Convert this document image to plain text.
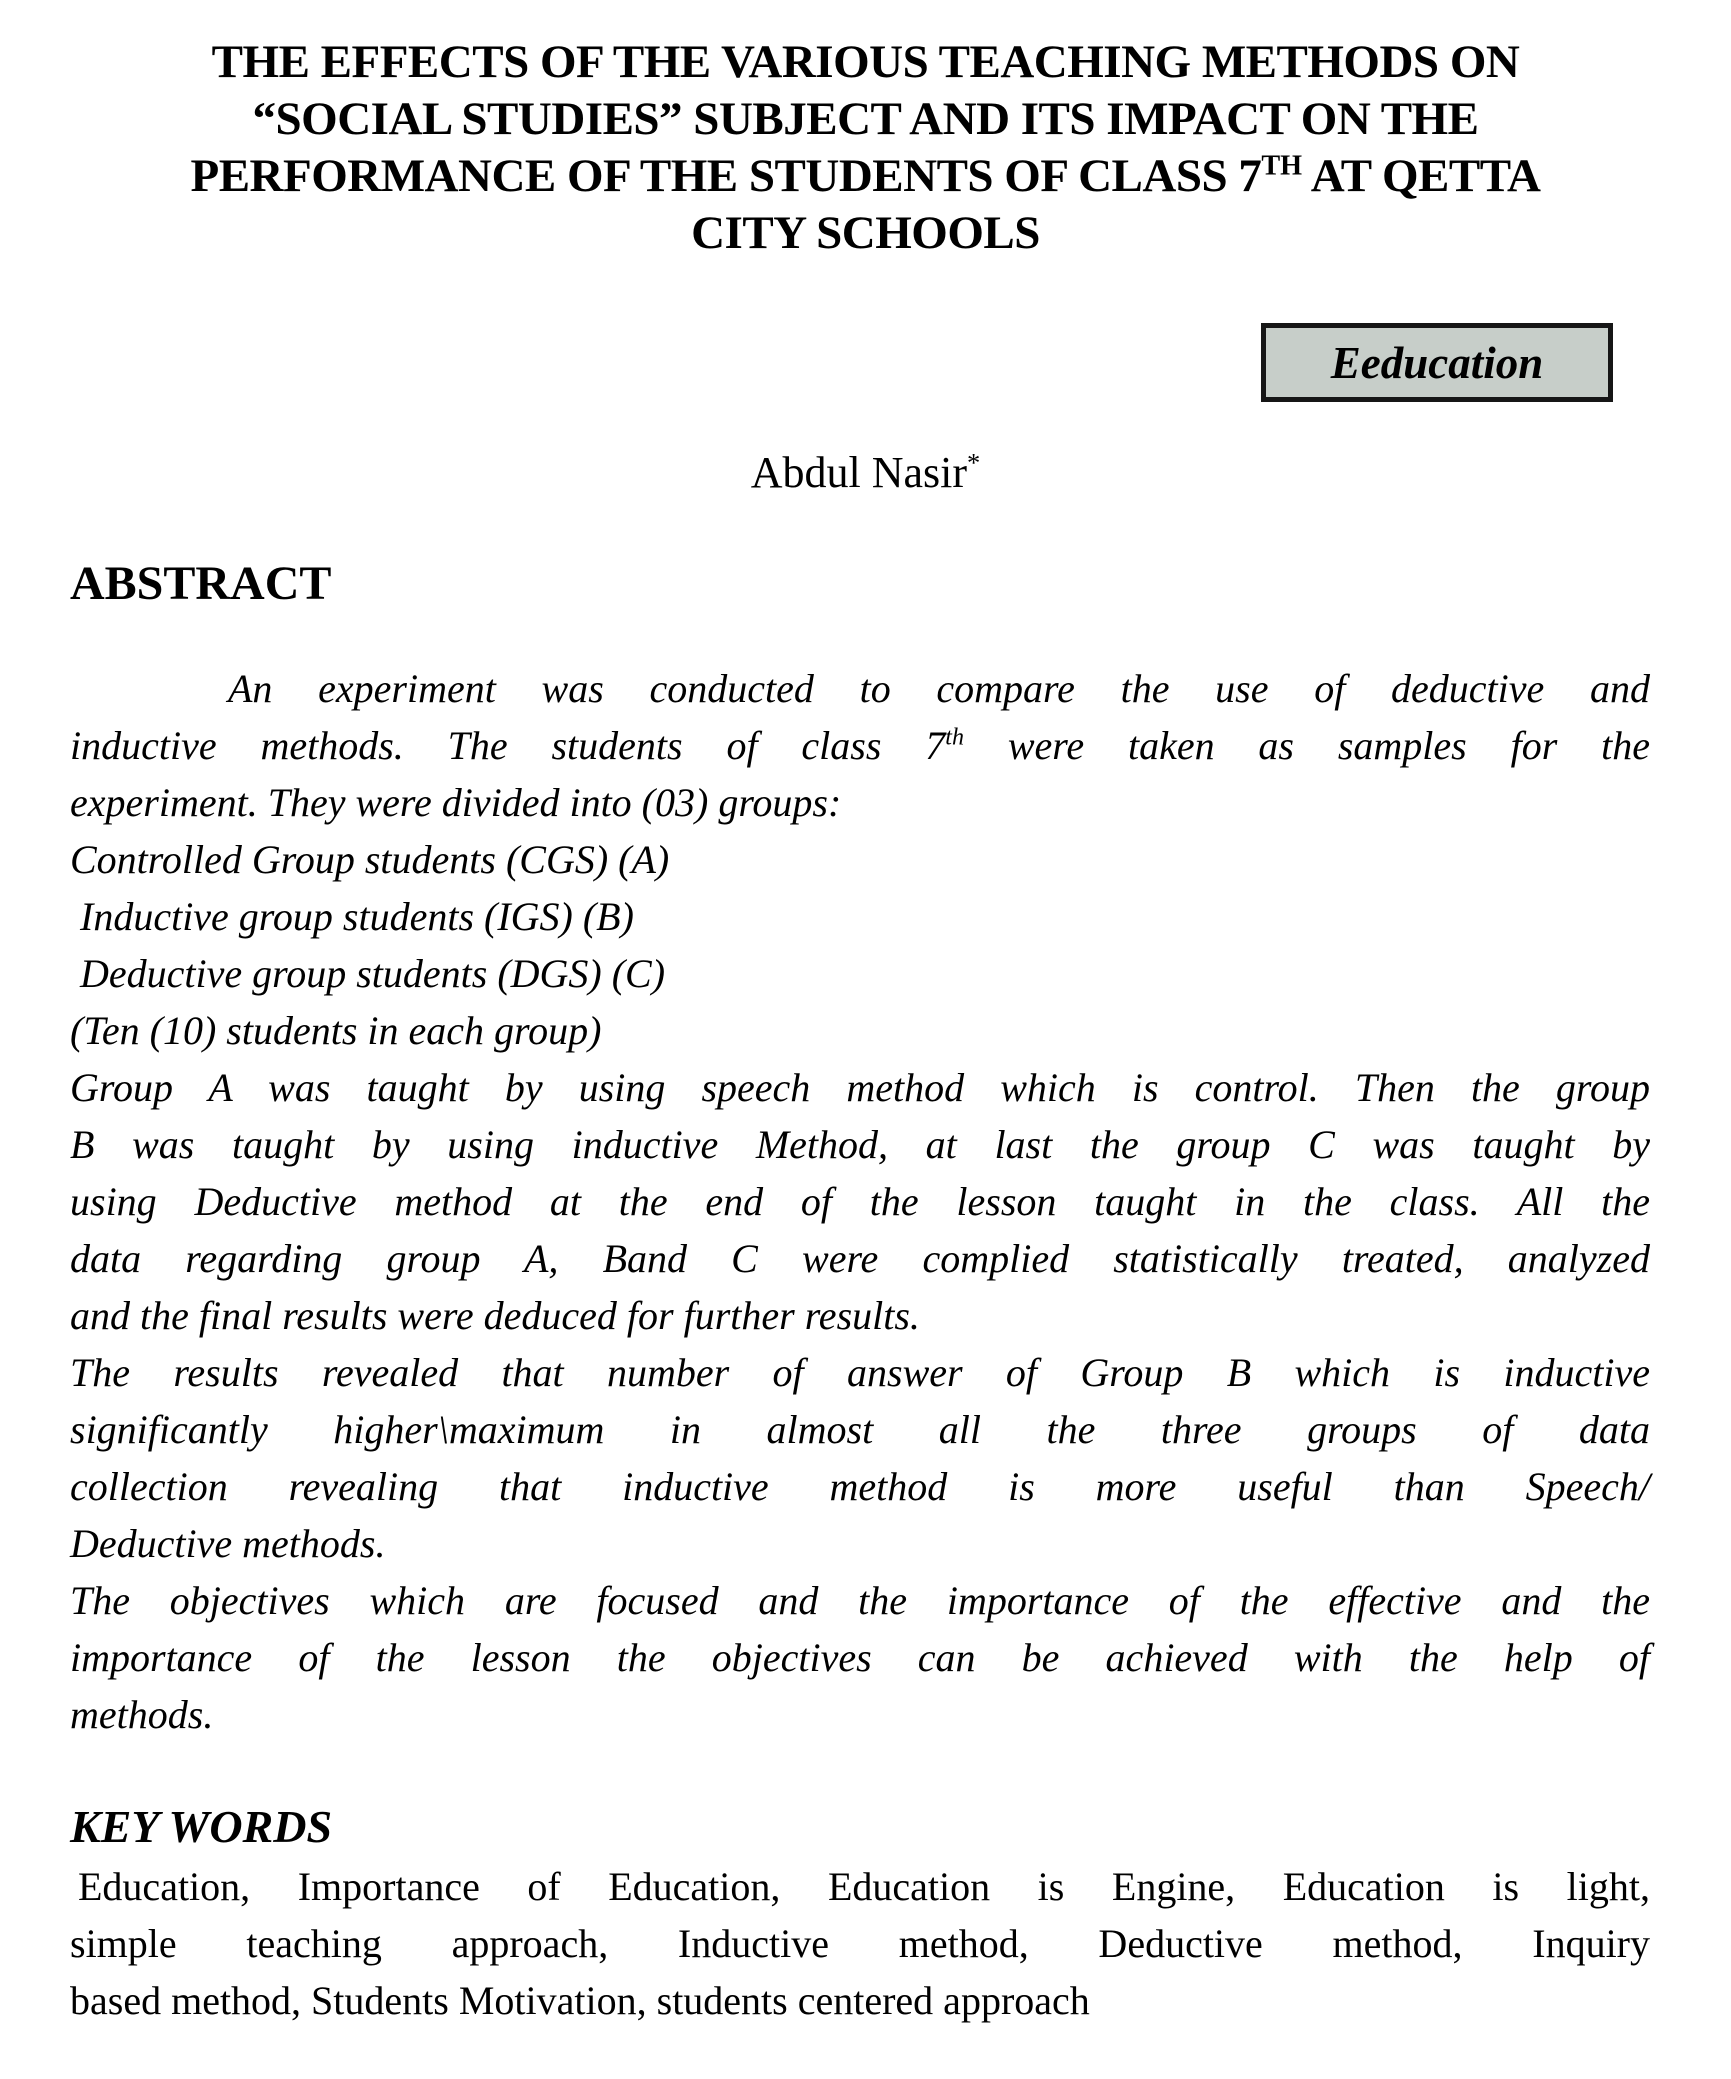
THE EFFECTS OF THE VARIOUS TEACHING METHODS ON
“SOCIAL STUDIES” SUBJECT AND ITS IMPACT ON THE
PERFORMANCE OF THE STUDENTS OF CLASS 7TH AT QETTA
CITY SCHOOLS
Eeducation
Abdul Nasir*
ABSTRACT
An experiment was conducted to compare the use of deductive and
inductive methods. The students of class 7th were taken as samples for the
experiment. They were divided into (03) groups:
Controlled Group students (CGS) (A)
Inductive group students (IGS) (B)
Deductive group students (DGS) (C)
(Ten (10) students in each group)
Group A was taught by using speech method which is control. Then the group
B was taught by using inductive Method, at last the group C was taught by
using Deductive method at the end of the lesson taught in the class. All the
data regarding group A, Band C were complied statistically treated, analyzed
and the final results were deduced for further results.
The results revealed that number of answer of Group B which is inductive
significantly higher\maximum in almost all the three groups of data
collection revealing that inductive method is more useful than Speech/
Deductive methods.
The objectives which are focused and the importance of the effective and the
importance of the lesson the objectives can be achieved with the help of
methods.
KEY WORDS
Education, Importance of Education, Education is Engine, Education is light,
simple teaching approach, Inductive method, Deductive method, Inquiry
based method, Students Motivation, students centered approach
